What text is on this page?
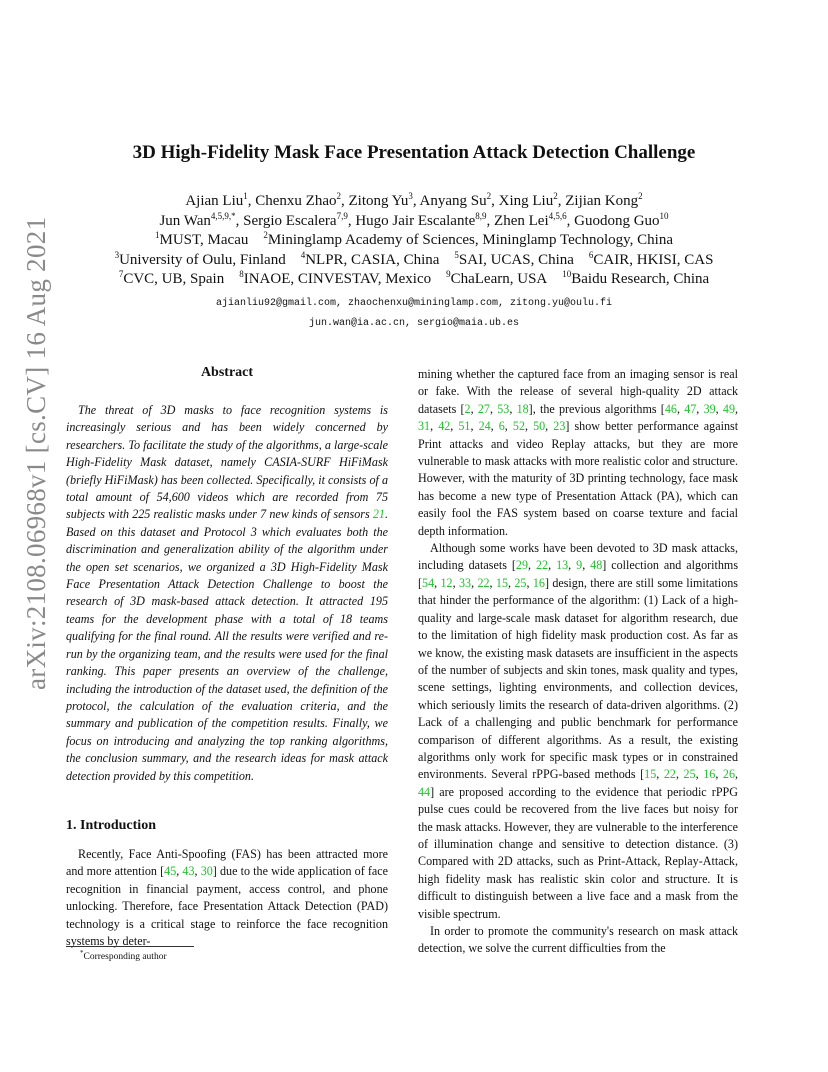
arXiv:2108.06968v1 [cs.CV] 16 Aug 2021
3D High-Fidelity Mask Face Presentation Attack Detection Challenge
Ajian Liu$^1$, Chenxu Zhao$^2$, Zitong Yu$^3$, Anyang Su$^2$, Xing Liu$^2$, Zijian Kong$^2$
Jun Wan$^{4,5,9,*}$, Sergio Escalera$^{7,9}$, Hugo Jair Escalante$^{8,9}$, Zhen Lei$^{4,5,6}$, Guodong Guo$^{10}$
$^1$MUST, Macau  $^2$Mininglamp Academy of Sciences, Mininglamp Technology, China
$^3$University of Oulu, Finland  $^4$NLPR, CASIA, China  $^5$SAI, UCAS, China  $^6$CAIR, HKISI, CAS
$^7$CVC, UB, Spain  $^8$INAOE, CINVESTAV, Mexico  $^9$ChaLearn, USA  $^{10}$Baidu Research, China
ajianliu92@gmail.com, zhaochenxu@mininglamp.com, zitong.yu@oulu.fi
jun.wan@ia.ac.cn, sergio@maia.ub.es
Abstract

The threat of 3D masks to face recognition systems is increasingly serious and has been widely concerned by researchers. To facilitate the study of the algorithms, a large-scale High-Fidelity Mask dataset, namely CASIA-SURF HiFiMask (briefly HiFiMask) has been collected. Specifically, it consists of a total amount of 54,600 videos which are recorded from 75 subjects with 225 realistic masks under 7 new kinds of sensors 21. Based on this dataset and Protocol 3 which evaluates both the discrimination and generalization ability of the algorithm under the open set scenarios, we organized a 3D High-Fidelity Mask Face Presentation Attack Detection Challenge to boost the research of 3D mask-based attack detection. It attracted 195 teams for the development phase with a total of 18 teams qualifying for the final round. All the results were verified and re-run by the organizing team, and the results were used for the final ranking. This paper presents an overview of the challenge, including the introduction of the dataset used, the definition of the protocol, the calculation of the evaluation criteria, and the summary and publication of the competition results. Finally, we focus on introducing and analyzing the top ranking algorithms, the conclusion summary, and the research ideas for mask attack detection provided by this competition.

1. Introduction

Recently, Face Anti-Spoofing (FAS) has been attracted more and more attention [45, 43, 30] due to the wide application of face recognition in financial payment, access control, and phone unlocking. Therefore, face Presentation Attack Detection (PAD) technology is a critical stage to reinforce the face recognition systems by deter-

*Corresponding author

mining whether the captured face from an imaging sensor is real or fake. With the release of several high-quality 2D attack datasets [2, 27, 53, 18], the previous algorithms [46, 47, 39, 49, 31, 42, 51, 24, 6, 52, 50, 23] show better performance against Print attacks and video Replay attacks, but they are more vulnerable to mask attacks with more realistic color and structure. However, with the maturity of 3D printing technology, face mask has become a new type of Presentation Attack (PA), which can easily fool the FAS system based on coarse texture and facial depth information.

Although some works have been devoted to 3D mask attacks, including datasets [29, 22, 13, 9, 48] collection and algorithms [54, 12, 33, 22, 15, 25, 16] design, there are still some limitations that hinder the performance of the algorithm: (1) Lack of a high-quality and large-scale mask dataset for algorithm research, due to the limitation of high fidelity mask production cost. As far as we know, the existing mask datasets are insufficient in the aspects of the number of subjects and skin tones, mask quality and types, scene settings, lighting environments, and collection devices, which seriously limits the research of data-driven algorithms. (2) Lack of a challenging and public benchmark for performance comparison of different algorithms. As a result, the existing algorithms only work for specific mask types or in constrained environments. Several rPPG-based methods [15, 22, 25, 16, 26, 44] are proposed according to the evidence that periodic rPPG pulse cues could be recovered from the live faces but noisy for the mask attacks. However, they are vulnerable to the interference of illumination change and sensitive to detection distance. (3) Compared with 2D attacks, such as Print-Attack, Replay-Attack, high fidelity mask has realistic skin color and structure. It is difficult to distinguish between a live face and a mask from the visible spectrum.

In order to promote the community's research on mask attack detection, we solve the current difficulties from the
